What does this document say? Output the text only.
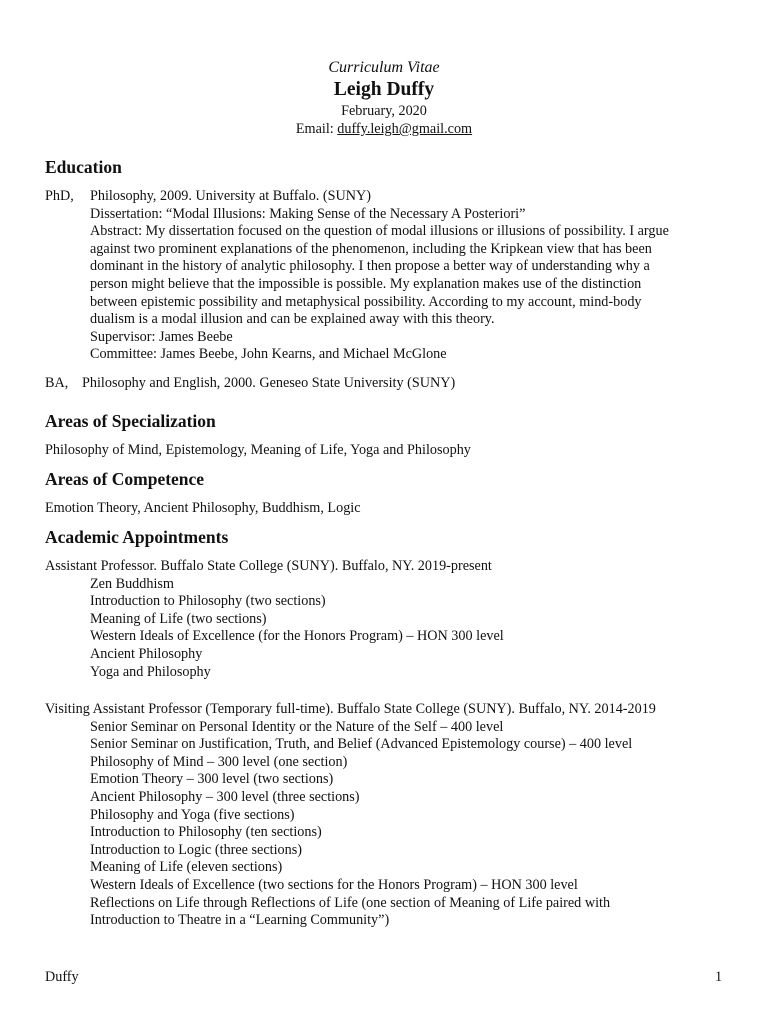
Curriculum Vitae
Leigh Duffy
February, 2020
Email: duffy.leigh@gmail.com
Education
PhD, Philosophy, 2009. University at Buffalo. (SUNY)
Dissertation: “Modal Illusions: Making Sense of the Necessary A Posteriori”
Abstract: My dissertation focused on the question of modal illusions or illusions of possibility. I argue
against two prominent explanations of the phenomenon, including the Kripkean view that has been
dominant in the history of analytic philosophy. I then propose a better way of understanding why a
person might believe that the impossible is possible. My explanation makes use of the distinction
between epistemic possibility and metaphysical possibility. According to my account, mind-body
dualism is a modal illusion and can be explained away with this theory.
Supervisor: James Beebe
Committee: James Beebe, John Kearns, and Michael McGlone
BA, Philosophy and English, 2000. Geneseo State University (SUNY)
Areas of Specialization
Philosophy of Mind, Epistemology, Meaning of Life, Yoga and Philosophy
Areas of Competence
Emotion Theory, Ancient Philosophy, Buddhism, Logic
Academic Appointments
Assistant Professor. Buffalo State College (SUNY). Buffalo, NY. 2019-present
Zen Buddhism
Introduction to Philosophy (two sections)
Meaning of Life (two sections)
Western Ideals of Excellence (for the Honors Program) – HON 300 level
Ancient Philosophy
Yoga and Philosophy
Visiting Assistant Professor (Temporary full-time). Buffalo State College (SUNY). Buffalo, NY. 2014-2019
Senior Seminar on Personal Identity or the Nature of the Self – 400 level
Senior Seminar on Justification, Truth, and Belief (Advanced Epistemology course) – 400 level
Philosophy of Mind – 300 level (one section)
Emotion Theory – 300 level (two sections)
Ancient Philosophy – 300 level (three sections)
Philosophy and Yoga (five sections)
Introduction to Philosophy (ten sections)
Introduction to Logic (three sections)
Meaning of Life (eleven sections)
Western Ideals of Excellence (two sections for the Honors Program) – HON 300 level
Reflections on Life through Reflections of Life (one section of Meaning of Life paired with
Introduction to Theatre in a “Learning Community”)
Duffy	1
